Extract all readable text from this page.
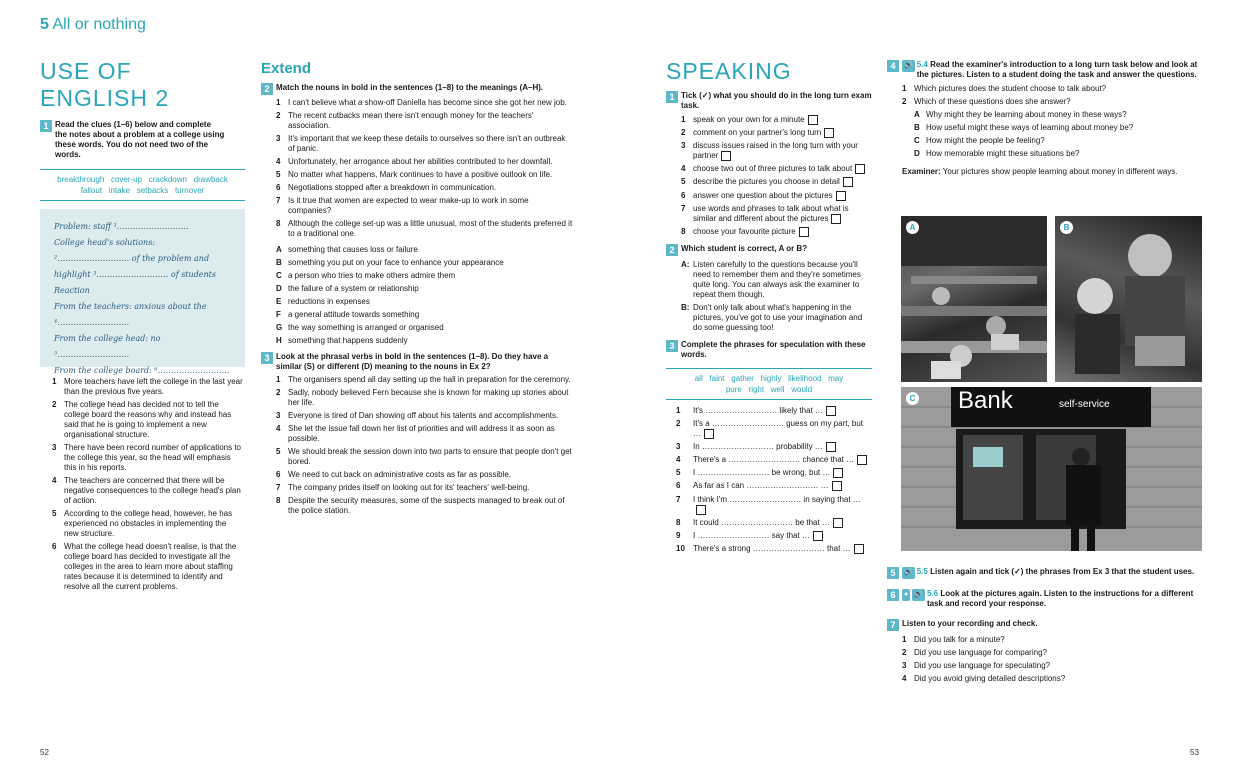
5 All or nothing
USE OF ENGLISH 2
1 Read the clues (1–6) below and complete the notes about a problem at a college using these words. You do not need two of the words.
breakthrough   cover-up   crackdown   drawback
fallout   intake   setbacks   turnover
Problem: staff ¹………………………
College head's solutions:
²……………………… of the problem and
highlight ³……………………… of students
Reaction
From the teachers: anxious about the
⁴………………………
From the college head: no ⁵………………………
From the college board: ⁶………………………
1 More teachers have left the college in the last year than the previous five years.
2 The college head has decided not to tell the college board the reasons why and instead has said that he is going to implement a new organisational structure.
3 There have been record number of applications to the college this year, so the head will emphasis this in his reports.
4 The teachers are concerned that there will be negative consequences to the college head's plan of action.
5 According to the college head, however, he has experienced no obstacles in implementing the new structure.
6 What the college head doesn't realise, is that the college board has decided to investigate all the colleges in the area to learn more about staffing rates because it is determined to identify and resolve all the current problems.
Extend
2 Match the nouns in bold in the sentences (1–8) to the meanings (A–H).
1 I can't believe what a show-off Daniella has become since she got her new job.
2 The recent cutbacks mean there isn't enough money for the teachers' association.
3 It's important that we keep these details to ourselves so there isn't an outbreak of panic.
4 Unfortunately, her arrogance about her abilities contributed to her downfall.
5 No matter what happens, Mark continues to have a positive outlook on life.
6 Negotiations stopped after a breakdown in communication.
7 Is it true that women are expected to wear make-up to work in some companies?
8 Although the college set-up was a little unusual, most of the students preferred it to a traditional one.
A something that causes loss or failure
B something you put on your face to enhance your appearance
C a person who tries to make others admire them
D the failure of a system or relationship
E reductions in expenses
F a general attitude towards something
G the way something is arranged or organised
H something that happens suddenly
3 Look at the phrasal verbs in bold in the sentences (1–8). Do they have a similar (S) or different (D) meaning to the nouns in Ex 2?
1 The organisers spend all day setting up the hall in preparation for the ceremony.
2 Sadly, nobody believed Fern because she is known for making up stories about her life.
3 Everyone is tired of Dan showing off about his talents and accomplishments.
4 She let the issue fall down her list of priorities and will address it as soon as possible.
5 We should break the session down into two parts to ensure that people don't get bored.
6 We need to cut back on administrative costs as far as possible.
7 The company prides itself on looking out for its' teachers' well-being.
8 Despite the security measures, some of the suspects managed to break out of the police station.
52
SPEAKING
1 Tick (✓) what you should do in the long turn exam task.
1 speak on your own for a minute
2 comment on your partner's long turn
3 discuss issues raised in the long turn with your partner
4 choose two out of three pictures to talk about
5 describe the pictures you choose in detail
6 answer one question about the pictures
7 use words and phrases to talk about what is similar and different about the pictures
8 choose your favourite picture
2 Which student is correct, A or B?
A: Listen carefully to the questions because you'll need to remember them and they're sometimes quite long. You can always ask the examiner to repeat them though.
B: Don't only talk about what's happening in the pictures, you've got to use your imagination and do some guessing too!
3 Complete the phrases for speculation with these words.
all   faint   gather   highly   likelihood   may
pure   right   well   would
1	It's ……………………… likely that …
2	It's a ……………………… guess on my part, but …
3	In ……………………… probability …
4	There's a ……………………… chance that …
5	I ……………………… be wrong, but …
6	As far as I can ……………………… …
7	I think I'm ……………………… in saying that …
8	It could ……………………… be that …
9	I ……………………… say that …
10	There's a strong ……………………… that …
4	🔊 5.4 Read the examiner's introduction to a long turn task below and look at the pictures. Listen to a student doing the task and answer the questions.
1 Which pictures does the student choose to talk about?
2 Which of these questions does she answer?
A Why might they be learning about money in these ways?
B How useful might these ways of learning about money be?
C How might the people be feeling?
D How memorable might these situations be?
Examiner: Your pictures show people learning about money in different ways.
A	B
Bank	self-service
C
5	🔊 5.5 Listen again and tick (✓) the phrases from Ex 3 that the student uses.
6	● 🔊 5.6 Look at the pictures again. Listen to the instructions for a different task and record your response.
7 Listen to your recording and check.
1 Did you talk for a minute?
2 Did you use language for comparing?
3 Did you use language for speculating?
4 Did you avoid giving detailed descriptions?
53
